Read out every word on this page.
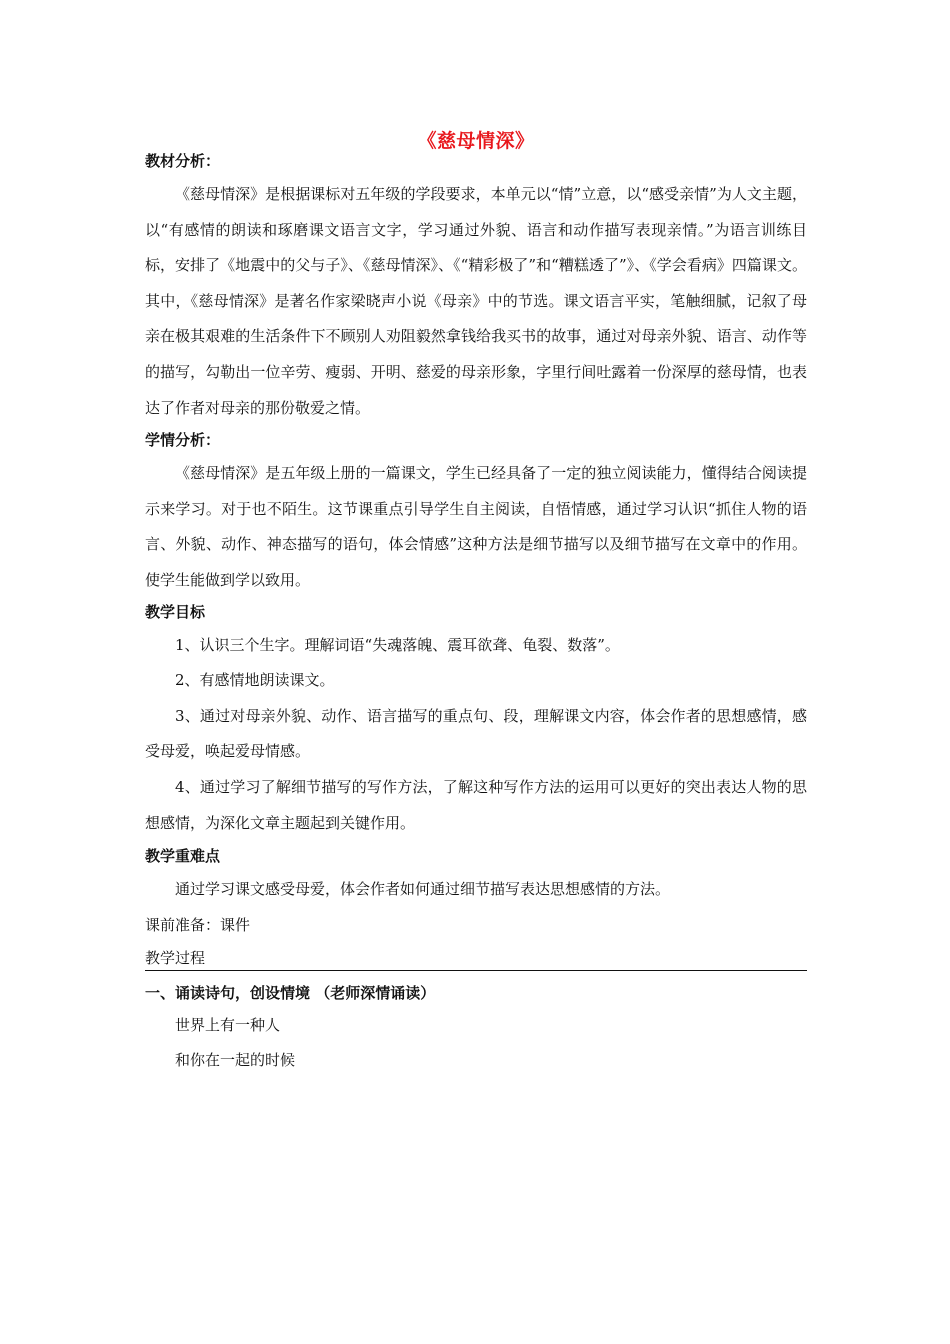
《慈母情深》
教材分析：

《慈母情深》是根据课标对五年级的学段要求，本单元以“情”立意，以“感受亲情”为人文主题，以“有感情的朗读和琢磨课文语言文字，学习通过外貌、语言和动作描写表现亲情。”为语言训练目标，安排了《地震中的父与子》、《慈母情深》、《“精彩极了”和“糟糕透了”》、《学会看病》四篇课文。其中，《慈母情深》是著名作家梁晓声小说《母亲》中的节选。课文语言平实，笔触细腻，记叙了母亲在极其艰难的生活条件下不顾别人劝阻毅然拿钱给我买书的故事，通过对母亲外貌、语言、动作等的描写，勾勒出一位辛劳、瘦弱、开明、慈爱的母亲形象，字里行间吐露着一份深厚的慈母情，也表达了作者对母亲的那份敬爱之情。

学情分析：

《慈母情深》是五年级上册的一篇课文，学生已经具备了一定的独立阅读能力，懂得结合阅读提示来学习。对于也不陌生。这节课重点引导学生自主阅读，自悟情感，通过学习认识“抓住人物的语言、外貌、动作、神态描写的语句，体会情感”这种方法是细节描写以及细节描写在文章中的作用。使学生能做到学以致用。

教学目标

1、认识三个生字。理解词语“失魂落魄、震耳欲聋、龟裂、数落”。

2、有感情地朗读课文。

3、通过对母亲外貌、动作、语言描写的重点句、段，理解课文内容，体会作者的思想感情，感受母爱，唤起爱母情感。

4、通过学习了解细节描写的写作方法，了解这种写作方法的运用可以更好的突出表达人物的思想感情，为深化文章主题起到关键作用。

教学重难点

通过学习课文感受母爱，体会作者如何通过细节描写表达思想感情的方法。

课前准备：课件
教学过程
一、诵读诗句，创设情境 （老师深情诵读）

世界上有一种人

和你在一起的时候
